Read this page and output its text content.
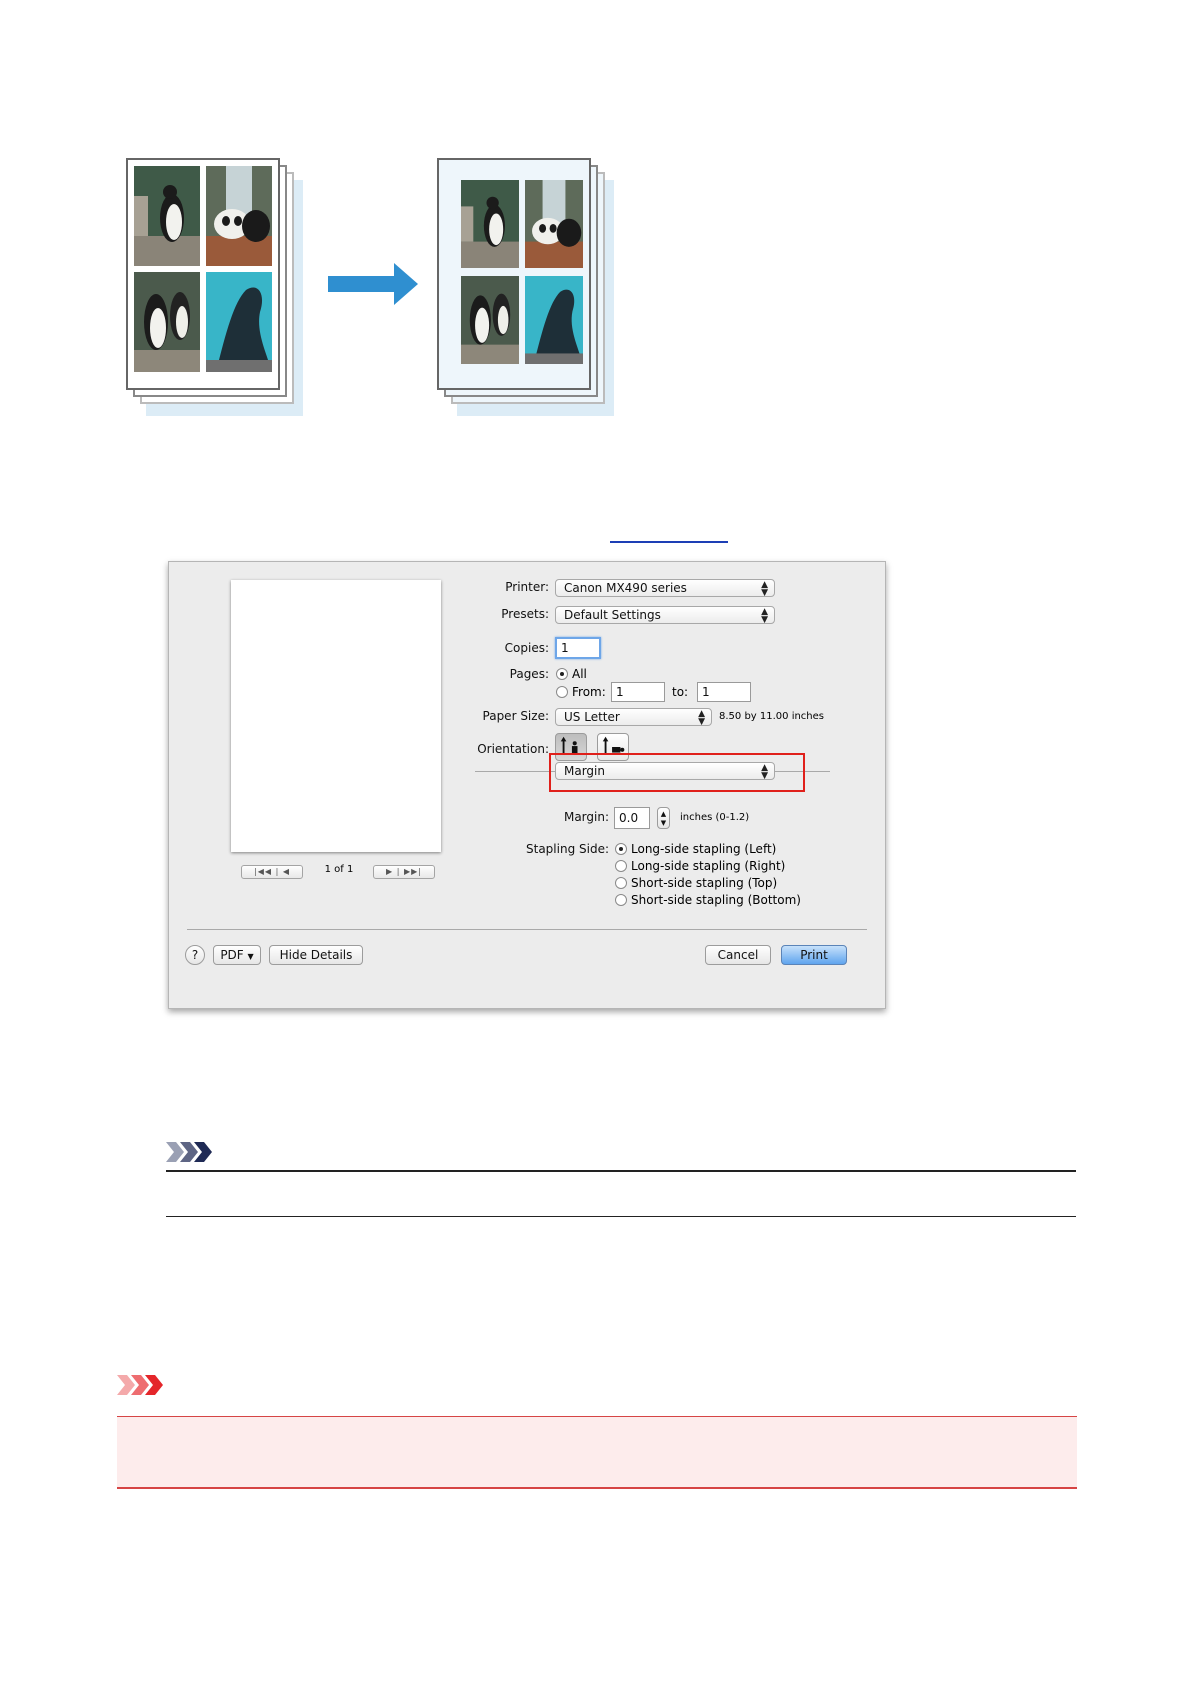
|◀◀ | ◀	1 of 1	▶ | ▶▶|
Printer:	Canon MX490 series	▲
▼
Presets:	Default Settings	▲
▼
Copies:	1
Pages: All
From: 1	to:	1
Paper Size:	US Letter	▲
▼ 8.50 by 11.00 inches
Orientation:
Margin	▲
▼
Margin: 0.0	▲
▼	inches (0-1.2)
Stapling Side: Long-side stapling (Left)
Long-side stapling (Right)
Short-side stapling (Top)
Short-side stapling (Bottom)
?	PDF ▼	Hide Details	Cancel	Print
